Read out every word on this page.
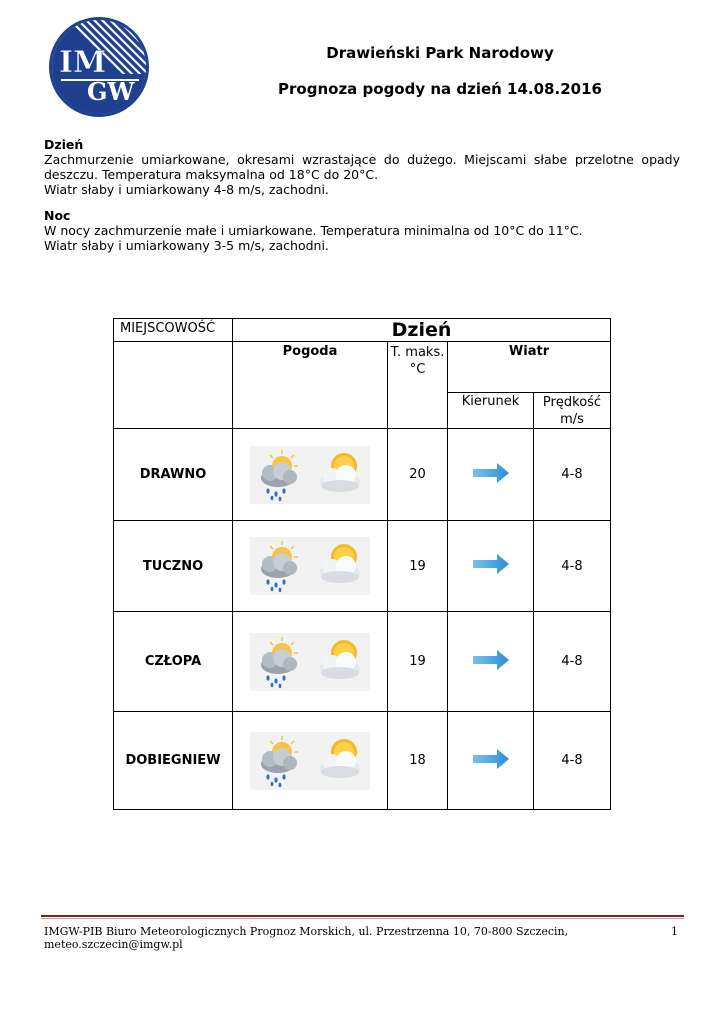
IM
GW
Drawieński Park Narodowy
Prognoza pogody na dzień 14.08.2016
Dzień
Zachmurzenie umiarkowane, okresami wzrastające do dużego. Miejscami słabe przelotne opady deszczu. Temperatura maksymalna od 18°C do 20°C.
Wiatr słaby i umiarkowany 4-8 m/s, zachodni.
Noc
W nocy zachmurzenie małe i umiarkowane. Temperatura minimalna od 10°C do 11°C.
Wiatr słaby i umiarkowany 3-5 m/s, zachodni.
MIEJSCOWOŚĆ	Dzień			
	Pogoda	T. maks. °C	Wiatr	
			Kierunek	Prędkość m/s
DRAWNO		20		4-8
TUCZNO		19		4-8
CZŁOPA		19		4-8
DOBIEGNIEW		18		4-8
IMGW-PIB Biuro Meteorologicznych Prognoz Morskich, ul. Przestrzenna 10, 70-800 Szczecin, meteo.szczecin@imgw.pl
1
